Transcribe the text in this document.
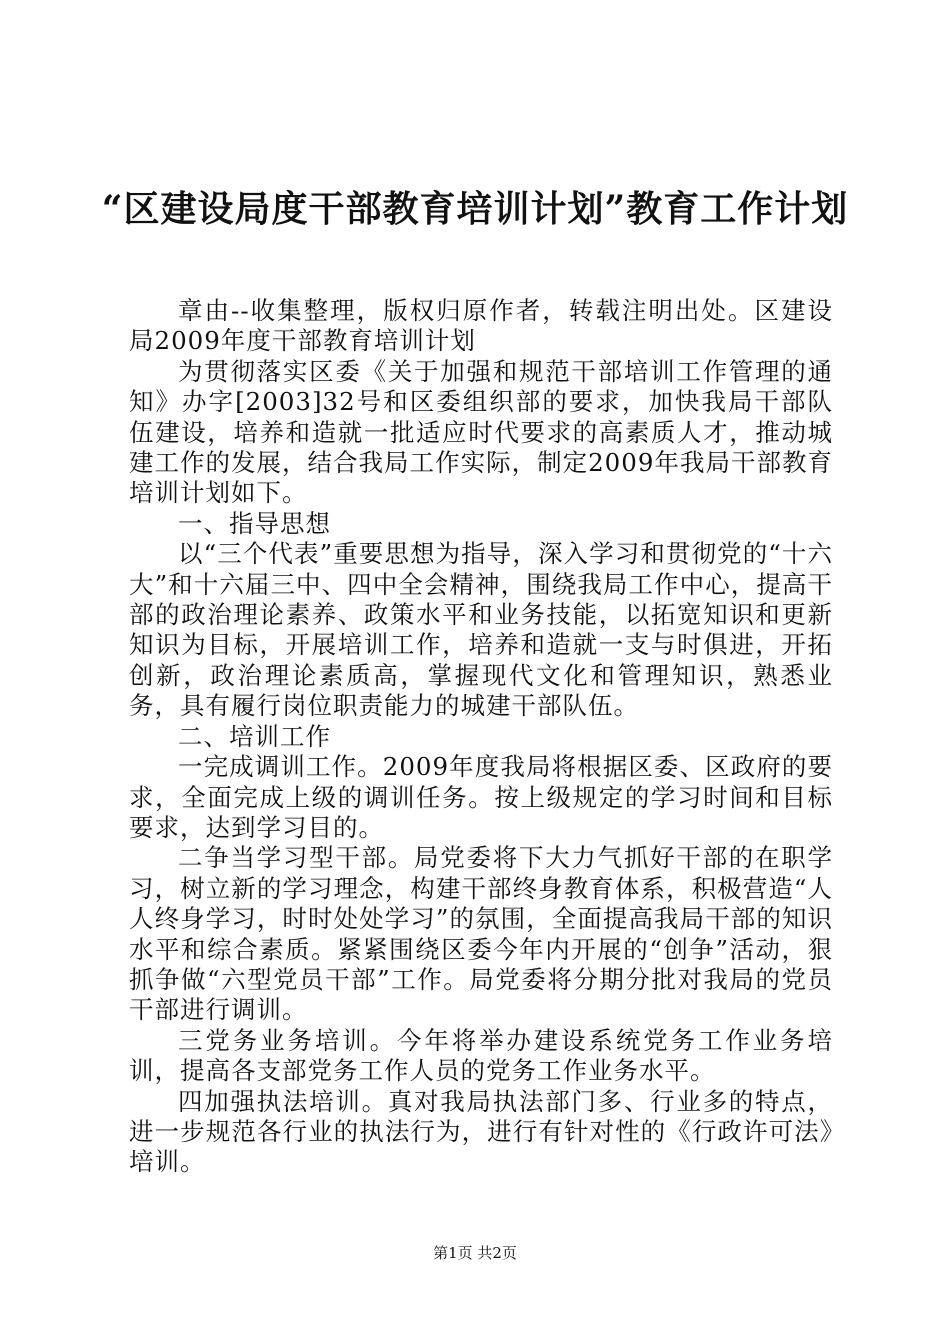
“区建设局度干部教育培训计划”教育工作计划

章由--收集整理，版权归原作者，转载注明出处。区建设局2009年度干部教育培训计划

为贯彻落实区委《关于加强和规范干部培训工作管理的通知》办字[2003]32号和区委组织部的要求，加快我局干部队伍建设，培养和造就一批适应时代要求的高素质人才，推动城建工作的发展，结合我局工作实际，制定2009年我局干部教育培训计划如下。

一、指导思想

以“三个代表”重要思想为指导，深入学习和贯彻党的“十六大”和十六届三中、四中全会精神，围绕我局工作中心，提高干部的政治理论素养、政策水平和业务技能，以拓宽知识和更新知识为目标，开展培训工作，培养和造就一支与时俱进，开拓创新，政治理论素质高，掌握现代文化和管理知识，熟悉业务，具有履行岗位职责能力的城建干部队伍。

二、培训工作

一完成调训工作。2009年度我局将根据区委、区政府的要求，全面完成上级的调训任务。按上级规定的学习时间和目标要求，达到学习目的。

二争当学习型干部。局党委将下大力气抓好干部的在职学习，树立新的学习理念，构建干部终身教育体系，积极营造“人人终身学习，时时处处学习”的氛围，全面提高我局干部的知识水平和综合素质。紧紧围绕区委今年内开展的“创争”活动，狠抓争做“六型党员干部”工作。局党委将分期分批对我局的党员干部进行调训。

三党务业务培训。今年将举办建设系统党务工作业务培训，提高各支部党务工作人员的党务工作业务水平。

四加强执法培训。真对我局执法部门多、行业多的特点，进一步规范各行业的执法行为，进行有针对性的《行政许可法》培训。

第1页 共2页
